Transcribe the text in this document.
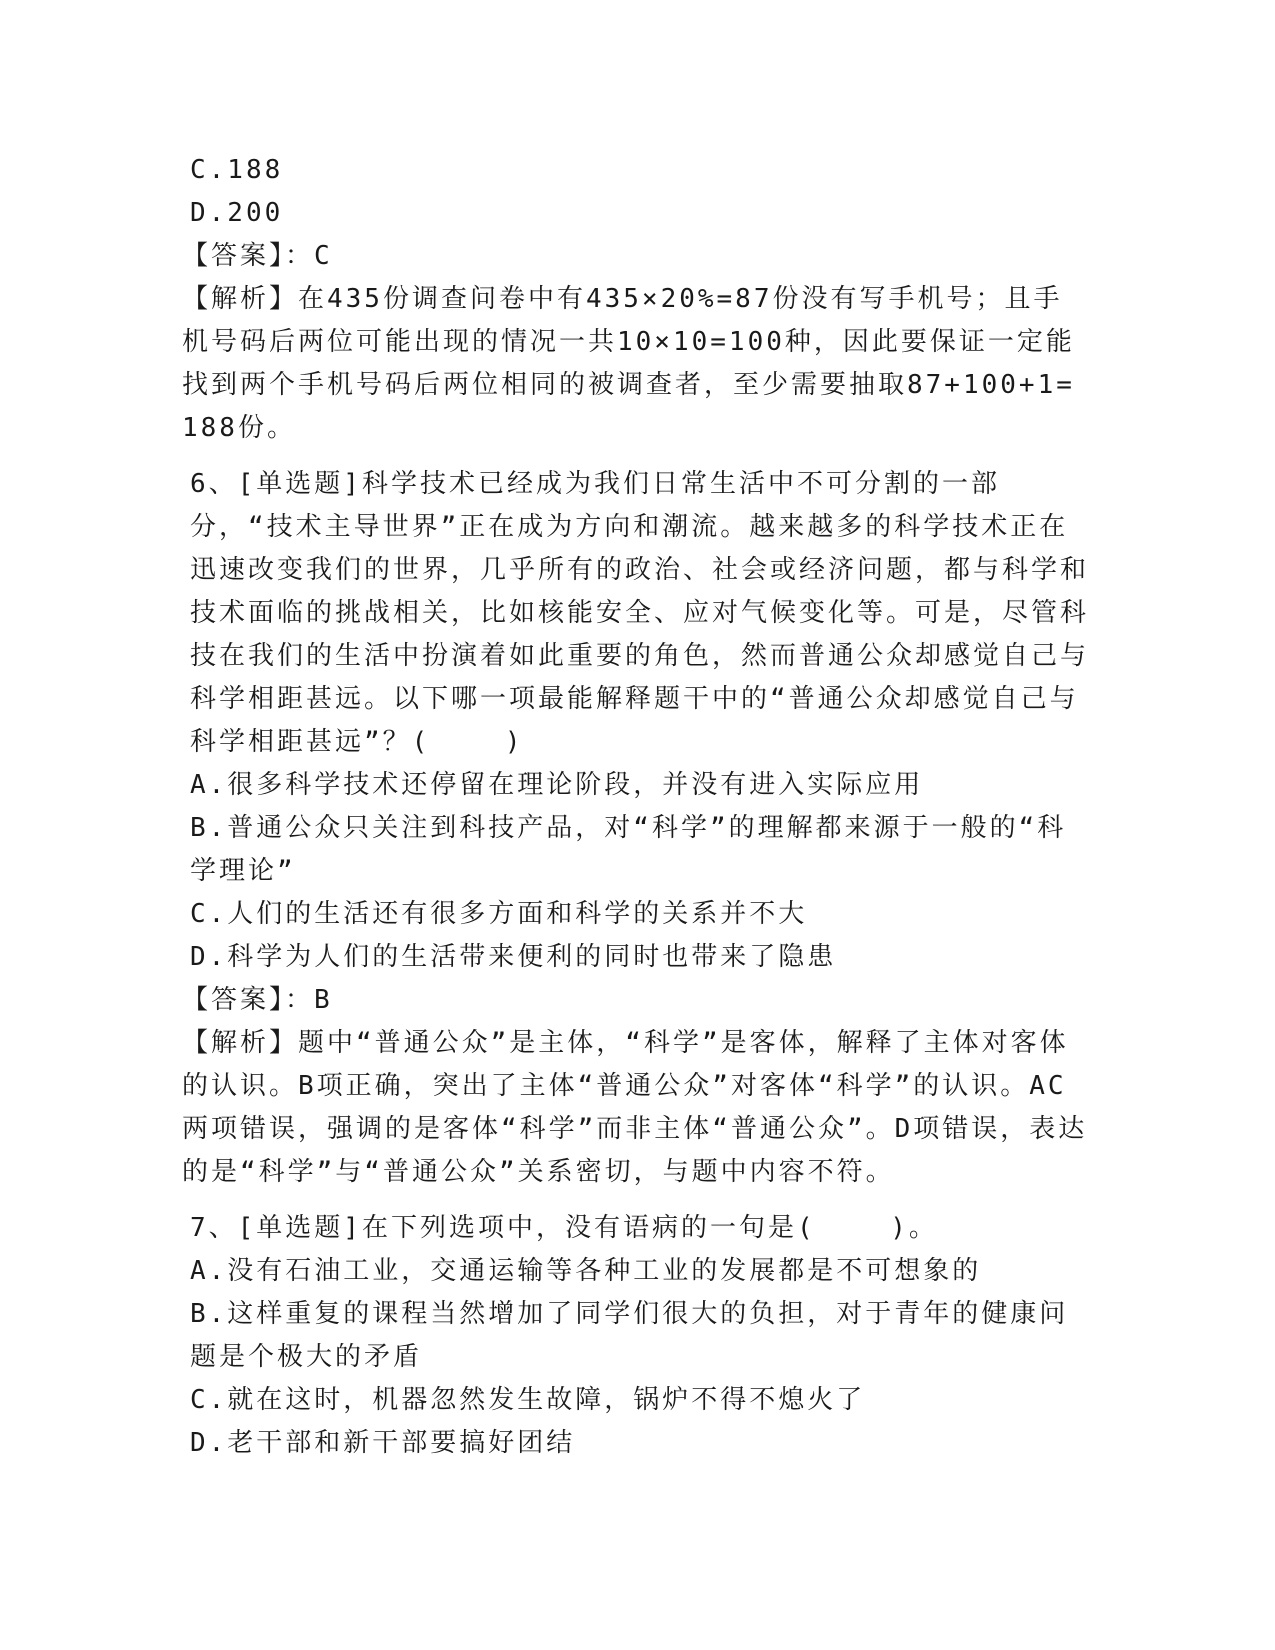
C.188

D.200

【答案】：C

【解析】在435份调查问卷中有435×20%=87份没有写手机号；且手机号码后两位可能出现的情况一共10×10=100种，因此要保证一定能找到两个手机号码后两位相同的被调查者，至少需要抽取87+100+1=188份。

6、[单选题]科学技术已经成为我们日常生活中不可分割的一部分，“技术主导世界”正在成为方向和潮流。越来越多的科学技术正在迅速改变我们的世界，几乎所有的政治、社会或经济问题，都与科学和技术面临的挑战相关，比如核能安全、应对气候变化等。可是，尽管科技在我们的生活中扮演着如此重要的角色，然而普通公众却感觉自己与科学相距甚远。以下哪一项最能解释题干中的“普通公众却感觉自己与科学相距甚远”？(    )

A.很多科学技术还停留在理论阶段，并没有进入实际应用

B.普通公众只关注到科技产品，对“科学”的理解都来源于一般的“科学理论”

C.人们的生活还有很多方面和科学的关系并不大

D.科学为人们的生活带来便利的同时也带来了隐患

【答案】：B

【解析】题中“普通公众”是主体，“科学”是客体，解释了主体对客体的认识。B项正确，突出了主体“普通公众”对客体“科学”的认识。AC两项错误，强调的是客体“科学”而非主体“普通公众”。D项错误，表达的是“科学”与“普通公众”关系密切，与题中内容不符。

7、[单选题]在下列选项中，没有语病的一句是(    )。

A.没有石油工业，交通运输等各种工业的发展都是不可想象的

B.这样重复的课程当然增加了同学们很大的负担，对于青年的健康问题是个极大的矛盾

C.就在这时，机器忽然发生故障，锅炉不得不熄火了

D.老干部和新干部要搞好团结
